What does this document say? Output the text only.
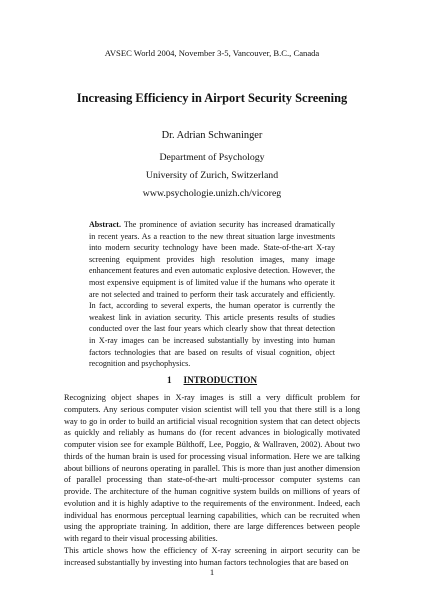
AVSEC World 2004, November 3-5, Vancouver, B.C., Canada
Increasing Efficiency in Airport Security Screening
Dr. Adrian Schwaninger
Department of Psychology
University of Zurich, Switzerland
www.psychologie.unizh.ch/vicoreg

Abstract. The prominence of aviation security has increased dramatically in recent years. As a reaction to the new threat situation large investments into modern security technology have been made. State-of-the-art X-ray screening equipment provides high resolution images, many image enhancement features and even automatic explosive detection. However, the most expensive equipment is of limited value if the humans who operate it are not selected and trained to perform their task accurately and efficiently. In fact, according to several experts, the human operator is currently the weakest link in aviation security. This article presents results of studies conducted over the last four years which clearly show that threat detection in X-ray images can be increased substantially by investing into human factors technologies that are based on results of visual cognition, object recognition and psychophysics.

1 INTRODUCTION

Recognizing object shapes in X-ray images is still a very difficult problem for computers. Any serious computer vision scientist will tell you that there still is a long way to go in order to build an artificial visual recognition system that can detect objects as quickly and reliably as humans do (for recent advances in biologically motivated computer vision see for example Bülthoff, Lee, Poggio, & Wallraven, 2002). About two thirds of the human brain is used for processing visual information. Here we are talking about billions of neurons operating in parallel. This is more than just another dimension of parallel processing than state-of-the-art multi-processor computer systems can provide. The architecture of the human cognitive system builds on millions of years of evolution and it is highly adaptive to the requirements of the environment. Indeed, each individual has enormous perceptual learning capabilities, which can be recruited when using the appropriate training. In addition, there are large differences between people with regard to their visual processing abilities.

This article shows how the efficiency of X-ray screening in airport security can be increased substantially by investing into human factors technologies that are based on

1
